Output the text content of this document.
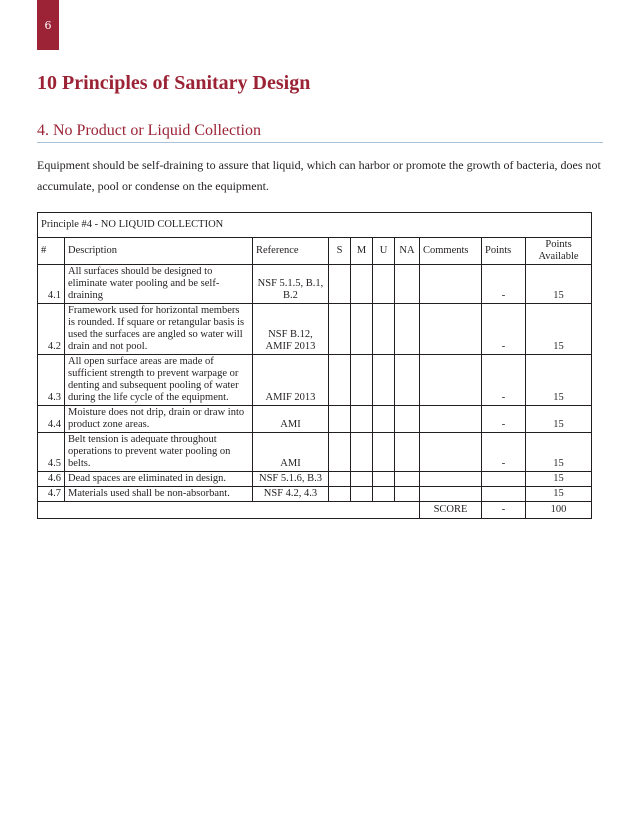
6
10 Principles of Sanitary Design
4. No Product or Liquid Collection

Equipment should be self-draining to assure that liquid, which can harbor or promote the growth of bacteria, does not accumulate, pool or condense on the equipment.

Principle #4 - NO LIQUID COLLECTION									
#	Description	Reference	S	M	U	NA	Comments	Points	Points Available
4.1	All surfaces should be designed to eliminate water pooling and be self-draining	NSF 5.1.5, B.1, B.2						-	15
4.2	Framework used for horizontal members is rounded. If square or retangular basis is used the surfaces are angled so water will drain and not pool.	NSF B.12, AMIF 2013						-	15
4.3	All open surface areas are made of sufficient strength to prevent warpage or denting and subsequent pooling of water during the life cycle of the equipment.	AMIF 2013						-	15
4.4	Moisture does not drip, drain or draw into product zone areas.	AMI						-	15
4.5	Belt tension is adequate throughout operations to prevent water pooling on belts.	AMI						-	15
4.6	Dead spaces are eliminated in design.	NSF 5.1.6, B.3							15
4.7	Materials used shall be non-absorbant.	NSF 4.2, 4.3							15
							SCORE	-	100
